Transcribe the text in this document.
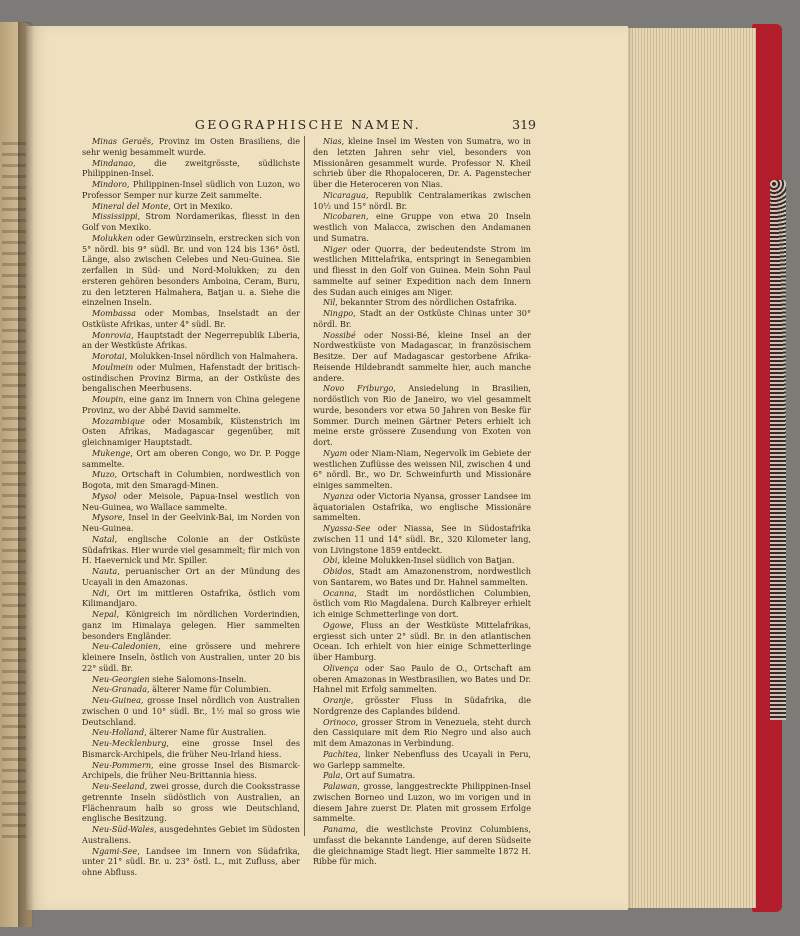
GEOGRAPHISCHE NAMEN.	319

Minas Geraës, Provinz im Osten Brasiliens, die sehr wenig besammelt wurde.

Mindanao, die zweitgrösste, südlichste Philippinen-Insel.

Mindoro, Philippinen-Insel südlich von Luzon, wo Professor Semper nur kurze Zeit sammelte.

Mineral del Monte, Ort in Mexiko.

Mississippi, Strom Nordamerikas, fliesst in den Golf von Mexiko.

Molukken oder Gewürzinseln, erstrecken sich von 5° nördl. bis 9° südl. Br. und von 124 bis 136° östl. Länge, also zwischen Celebes und Neu-Guinea. Sie zerfallen in Süd- und Nord-Molukken; zu den ersteren gehören besonders Amboina, Ceram, Buru, zu den letzteren Halmahera, Batjan u. a. Siehe die einzelnen Inseln.

Mombassa oder Mombas, Inselstadt an der Ostküste Afrikas, unter 4° südl. Br.

Monrovia, Hauptstadt der Negerrepublik Liberia, an der Westküste Afrikas.

Morotai, Molukken-Insel nördlich von Halmahera.

Moulmein oder Mulmen, Hafenstadt der britisch-ostindischen Provinz Birma, an der Ostküste des bengalischen Meerbusens.

Moupin, eine ganz im Innern von China gelegene Provinz, wo der Abbé David sammelte.

Mozambique oder Mosambik, Küstenstrich im Osten Afrikas, Madagascar gegenüber, mit gleichnamiger Hauptstadt.

Mukenge, Ort am oberen Congo, wo Dr. P. Pogge sammelte.

Muzo, Ortschaft in Columbien, nordwestlich von Bogota, mit den Smaragd-Minen.

Mysol oder Meisole, Papua-Insel westlich von Neu-Guinea, wo Wallace sammelte.

Mysore, Insel in der Geelvink-Bai, im Norden von Neu-Guinea.

Natal, englische Colonie an der Ostküste Südafrikas. Hier wurde viel gesammelt; für mich von H. Haevernick und Mr. Spiller.

Nauta, peruanischer Ort an der Mündung des Ucayali in den Amazonas.

Ndi, Ort im mittleren Ostafrika, östlich vom Kilimandjaro.

Nepal, Königreich im nördlichen Vorderindien, ganz im Himalaya gelegen. Hier sammelten besonders Engländer.

Neu-Caledonien, eine grössere und mehrere kleinere Inseln, östlich von Australien, unter 20 bis 22° südl. Br.

Neu-Georgien siehe Salomons-Inseln.

Neu-Granada, älterer Name für Columbien.

Neu-Guinea, grosse Insel nördlich von Australien zwischen 0 und 10° südl. Br., 1½ mal so gross wie Deutschland.

Neu-Holland, älterer Name für Australien.

Neu-Mecklenburg, eine grosse Insel des Bismarck-Archipels, die früher Neu-Irland hiess.

Neu-Pommern, eine grosse Insel des Bismarck-Archipels, die früher Neu-Brittannia hiess.

Neu-Seeland, zwei grosse, durch die Cooksstrasse getrennte Inseln südöstlich von Australien, an Flächenraum halb so gross wie Deutschland, englische Besitzung.

Neu-Süd-Wales, ausgedehntes Gebiet im Südosten Australiens.

Ngami-See, Landsee im Innern von Südafrika, unter 21° südl. Br. u. 23° östl. L., mit Zufluss, aber ohne Abfluss.

Nias, kleine Insel im Westen von Sumatra, wo in den letzten Jahren sehr viel, besonders von Missionären gesammelt wurde. Professor N. Kheil schrieb über die Rhopaloceren, Dr. A. Pagenstecher über die Heteroceren von Nias.

Nicaragua, Republik Centralamerikas zwischen 10½ und 15° nördl. Br.

Nicobaren, eine Gruppe von etwa 20 Inseln westlich von Malacca, zwischen den Andamanen und Sumatra.

Niger oder Quorra, der bedeutendste Strom im westlichen Mittelafrika, entspringt in Senegambien und fliesst in den Golf von Guinea. Mein Sohn Paul sammelte auf seiner Expedition nach dem Innern des Sudan auch einiges am Niger.

Nil, bekannter Strom des nördlichen Ostafrika.

Ningpo, Stadt an der Ostküste Chinas unter 30° nördl. Br.

Nossibé oder Nossi-Bé, kleine Insel an der Nordwestküste von Madagascar, in französischem Besitze. Der auf Madagascar gestorbene Afrika-Reisende Hildebrandt sammelte hier, auch manche andere.

Novo Friburgo, Ansiedelung in Brasilien, nordöstlich von Rio de Janeiro, wo viel gesammelt wurde, besonders vor etwa 50 Jahren von Beske für Sommer. Durch meinen Gärtner Peters erhielt ich meine erste grössere Zusendung von Exoten von dort.

Nyam oder Niam-Niam, Negervolk im Gebiete der westlichen Zuflüsse des weissen Nil, zwischen 4 und 6° nördl. Br., wo Dr. Schweinfurth und Missionäre einiges sammelten.

Nyanza oder Victoria Nyansa, grosser Landsee im äquatorialen Ostafrika, wo englische Missionäre sammelten.

Nyassa-See oder Niassa, See in Südostafrika zwischen 11 und 14° südl. Br., 320 Kilometer lang, von Livingstone 1859 entdeckt.

Obi, kleine Molukken-Insel südlich von Batjan.

Obidos, Stadt am Amazonenstrom, nordwestlich von Santarem, wo Bates und Dr. Hahnel sammelten.

Ocanna, Stadt im nordöstlichen Columbien, östlich vom Rio Magdalena. Durch Kalbreyer erhielt ich einige Schmetterlinge von dort.

Ogowe, Fluss an der Westküste Mittelafrikas, ergiesst sich unter 2° südl. Br. in den atlantischen Ocean. Ich erhielt von hier einige Schmetterlinge über Hamburg.

Olivença oder Sao Paulo de O., Ortschaft am oberen Amazonas in Westbrasilien, wo Bates und Dr. Hahnel mit Erfolg sammelten.

Oranje, grösster Fluss in Südafrika, die Nordgrenze des Caplandes bildend.

Orinoco, grosser Strom in Venezuela, steht durch den Cassiquiare mit dem Rio Negro und also auch mit dem Amazonas in Verbindung.

Pachitea, linker Nebenfluss des Ucayali in Peru, wo Garlepp sammelte.

Pala, Ort auf Sumatra.

Palawan, grosse, langgestreckte Philippinen-Insel zwischen Borneo und Luzon, wo im vorigen und in diesem Jahre zuerst Dr. Platen mit grossem Erfolge sammelte.

Panama, die westlichste Provinz Columbiens, umfasst die bekannte Landenge, auf deren Südseite die gleichnamige Stadt liegt. Hier sammelte 1872 H. Ribbe für mich.
